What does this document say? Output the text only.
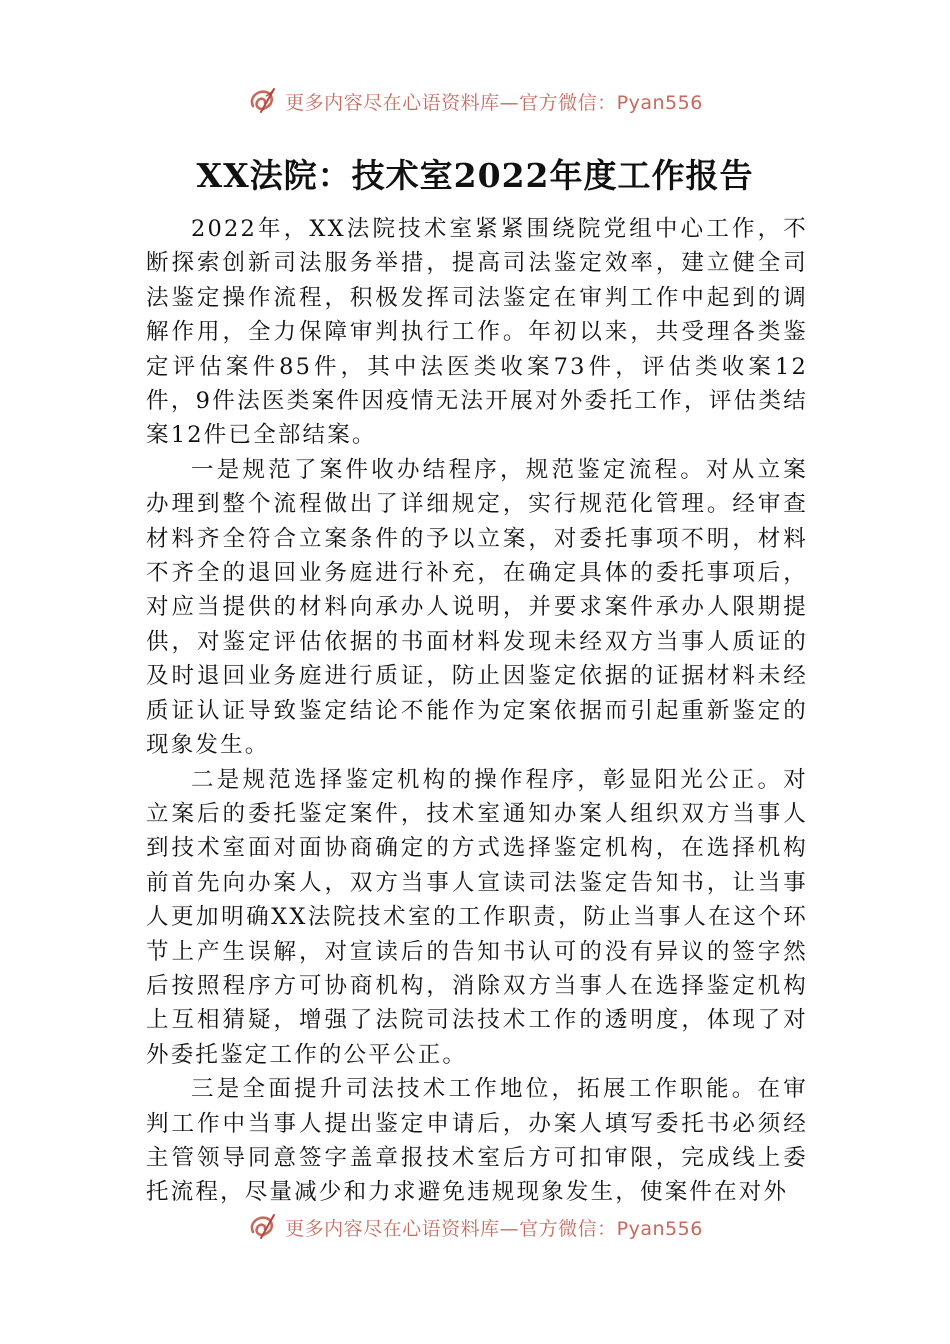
更多内容尽在心语资料库—官方微信：Pyan556
XX法院：技术室2022年度工作报告

2022年，XX法院技术室紧紧围绕院党组中心工作，不断探索创新司法服务举措，提高司法鉴定效率，建立健全司法鉴定操作流程，积极发挥司法鉴定在审判工作中起到的调解作用，全力保障审判执行工作。年初以来，共受理各类鉴定评估案件85件，其中法医类收案73件，评估类收案12件，9件法医类案件因疫情无法开展对外委托工作，评估类结案12件已全部结案。

一是规范了案件收办结程序，规范鉴定流程。对从立案办理到整个流程做出了详细规定，实行规范化管理。经审查材料齐全符合立案条件的予以立案，对委托事项不明，材料不齐全的退回业务庭进行补充，在确定具体的委托事项后，对应当提供的材料向承办人说明，并要求案件承办人限期提供，对鉴定评估依据的书面材料发现未经双方当事人质证的及时退回业务庭进行质证，防止因鉴定依据的证据材料未经质证认证导致鉴定结论不能作为定案依据而引起重新鉴定的现象发生。

二是规范选择鉴定机构的操作程序，彰显阳光公正。对立案后的委托鉴定案件，技术室通知办案人组织双方当事人到技术室面对面协商确定的方式选择鉴定机构，在选择机构前首先向办案人，双方当事人宣读司法鉴定告知书，让当事人更加明确XX法院技术室的工作职责，防止当事人在这个环节上产生误解，对宣读后的告知书认可的没有异议的签字然后按照程序方可协商机构，消除双方当事人在选择鉴定机构上互相猜疑，增强了法院司法技术工作的透明度，体现了对外委托鉴定工作的公平公正。

三是全面提升司法技术工作地位，拓展工作职能。在审判工作中当事人提出鉴定申请后，办案人填写委托书必须经主管领导同意签字盖章报技术室后方可扣审限，完成线上委托流程，尽量减少和力求避免违规现象发生，使案件在对外

更多内容尽在心语资料库—官方微信：Pyan556
